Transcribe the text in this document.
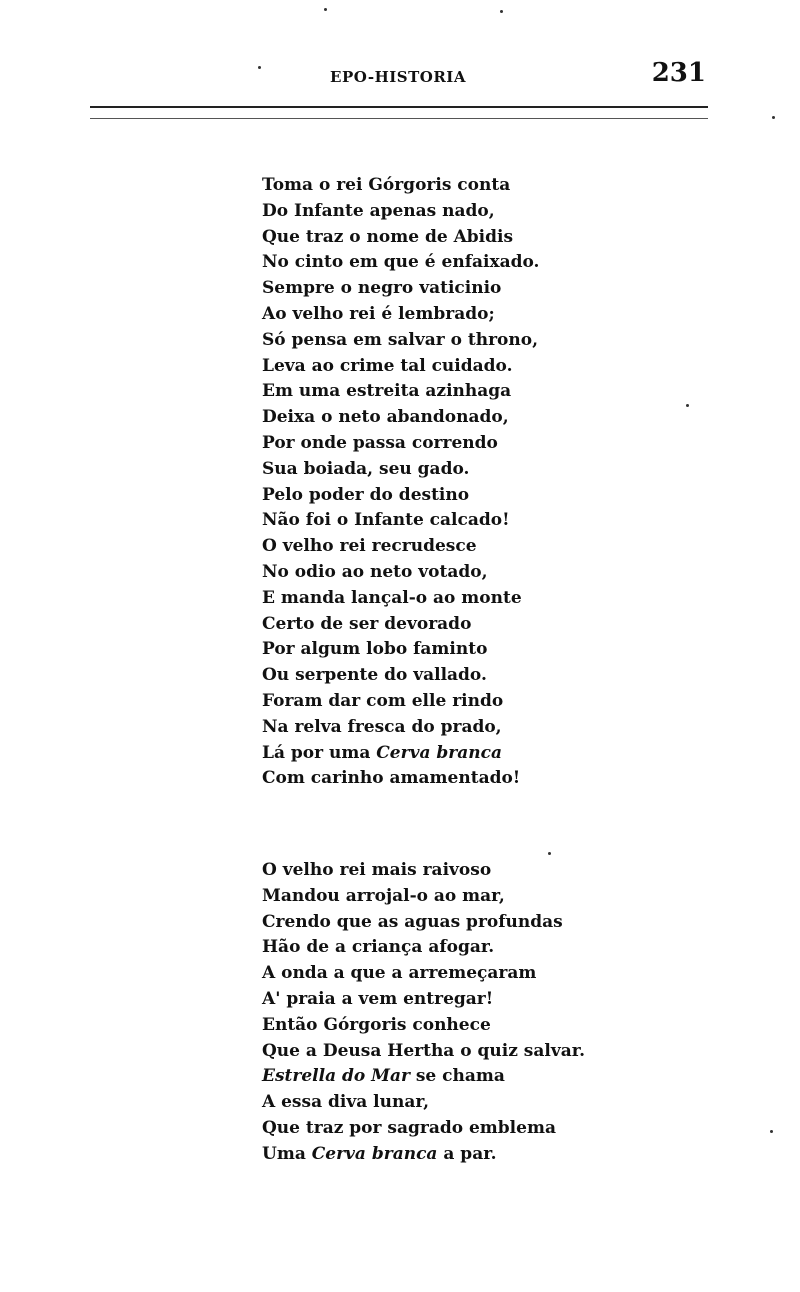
EPO-HISTORIA	231
Toma o rei Górgoris conta
Do Infante apenas nado,
Que traz o nome de Abidis
No cinto em que é enfaixado.
Sempre o negro vaticinio
Ao velho rei é lembrado;
Só pensa em salvar o throno,
Leva ao crime tal cuidado.
Em uma estreita azinhaga
Deixa o neto abandonado,
Por onde passa correndo
Sua boiada, seu gado.
Pelo poder do destino
Não foi o Infante calcado!
O velho rei recrudesce
No odio ao neto votado,
E manda lançal-o ao monte
Certo de ser devorado
Por algum lobo faminto
Ou serpente do vallado.
Foram dar com elle rindo
Na relva fresca do prado,
Lá por uma Cerva branca
Com carinho amamentado!
O velho rei mais raivoso
Mandou arrojal-o ao mar,
Crendo que as aguas profundas
Hão de a criança afogar.
A onda a que a arremeçaram
A' praia a vem entregar!
Então Górgoris conhece
Que a Deusa Hertha o quiz salvar.
Estrella do Mar se chama
A essa diva lunar,
Que traz por sagrado emblema
Uma Cerva branca a par.
